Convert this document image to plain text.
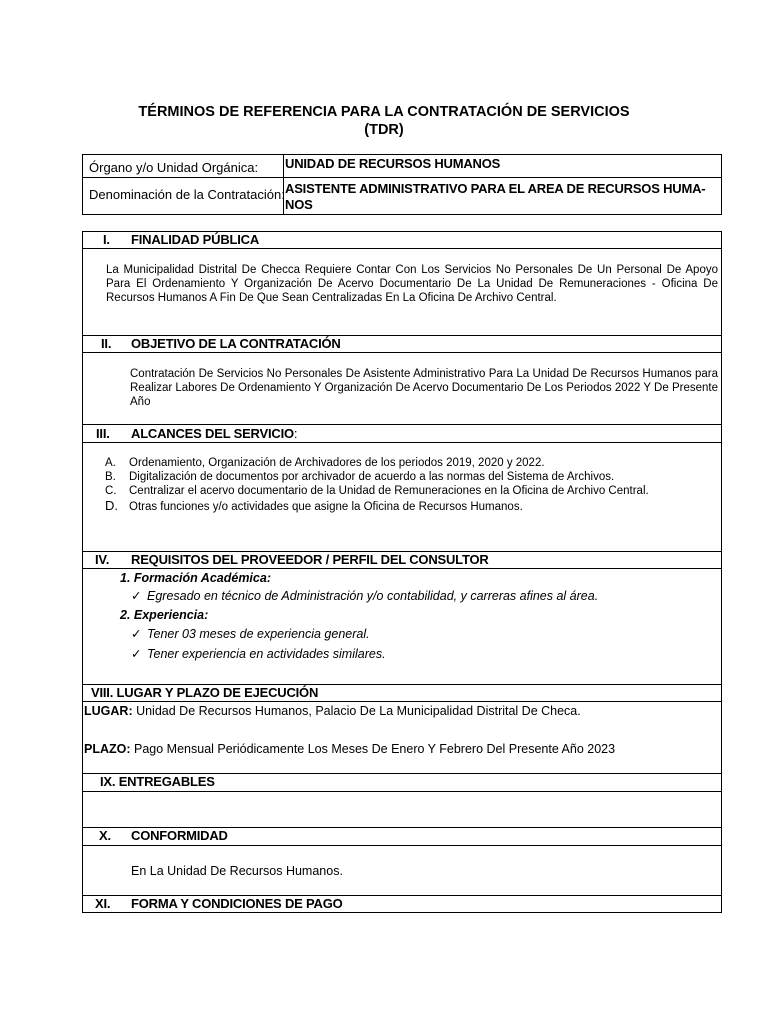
TÉRMINOS DE REFERENCIA PARA LA CONTRATACIÓN DE SERVICIOS
(TDR)
Órgano y/o Unidad Orgánica: UNIDAD DE RECURSOS HUMANOS
Denominación de la Contratación: ASISTENTE ADMINISTRATIVO PARA EL AREA DE RECURSOS HUMA-
NOS
I. FINALIDAD PÚBLICA
La Municipalidad Distrital De Checca Requiere Contar Con Los Servicios No Personales De Un Personal De Apoyo Para El Ordenamiento Y Organización De Acervo Documentario De La Unidad De Remuneraciones - Oficina De Recursos Humanos A Fin De Que Sean Centralizadas En La Oficina De Archivo Central.
II. OBJETIVO DE LA CONTRATACIÓN
Contratación De Servicios No Personales De Asistente Administrativo Para La Unidad De Recursos Humanos para Realizar Labores De Ordenamiento Y Organización De Acervo Documentario De Los Periodos 2022 Y De Presente Año
III. ALCANCES DEL SERVICIO:
A. Ordenamiento, Organización de Archivadores de los periodos 2019, 2020 y 2022.
B. Digitalización de documentos por archivador de acuerdo a las normas del Sistema de Archivos.
C. Centralizar el acervo documentario de la Unidad de Remuneraciones en la Oficina de Archivo Central.
D. Otras funciones y/o actividades que asigne la Oficina de Recursos Humanos.
IV. REQUISITOS DEL PROVEEDOR / PERFIL DEL CONSULTOR
1. Formación Académica:
✓ Egresado en técnico de Administración y/o contabilidad, y carreras afines al área.
2. Experiencia:
✓ Tener 03 meses de experiencia general.
✓ Tener experiencia en actividades similares.
VIII. LUGAR Y PLAZO DE EJECUCIÓN
LUGAR: Unidad De Recursos Humanos, Palacio De La Municipalidad Distrital De Checa.
PLAZO: Pago Mensual Periódicamente Los Meses De Enero Y Febrero Del Presente Año 2023
IX. ENTREGABLES
X. CONFORMIDAD
En La Unidad De Recursos Humanos.
XI. FORMA Y CONDICIONES DE PAGO
